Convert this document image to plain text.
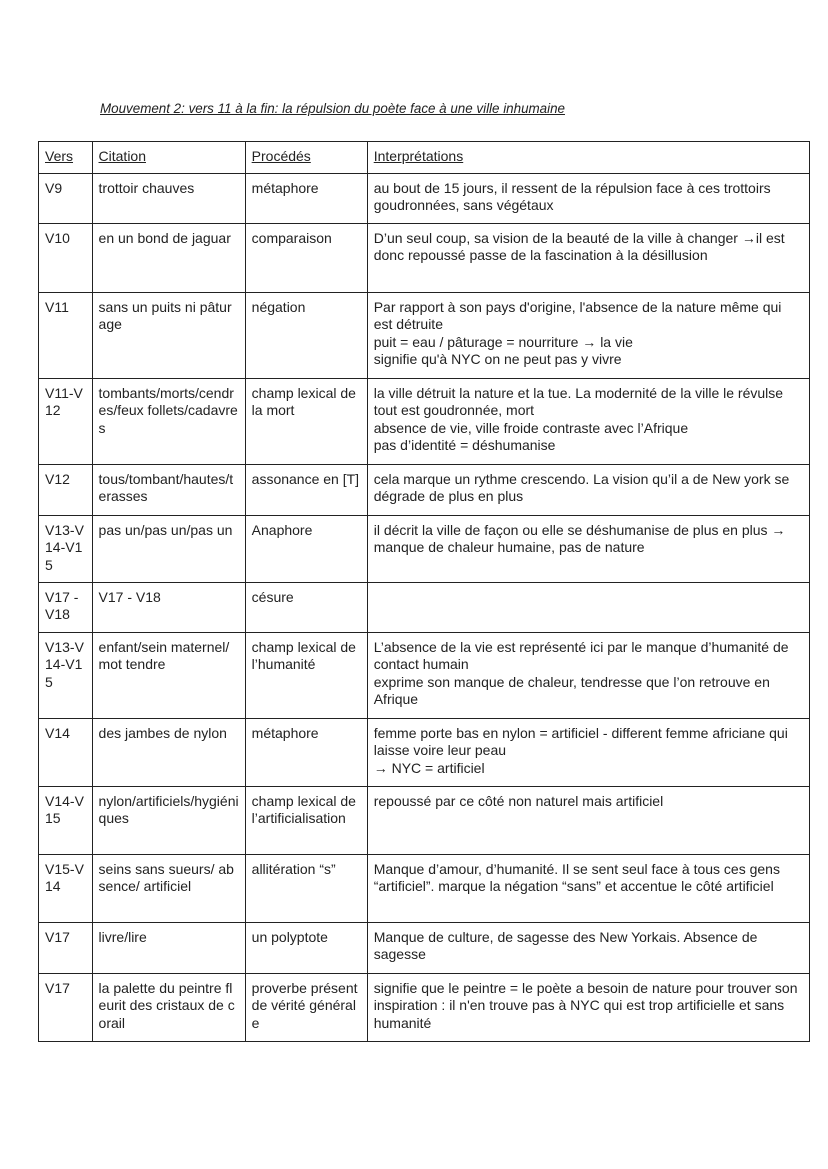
Mouvement 2: vers 11 à la fin: la répulsion du poète face à une ville inhumaine
Vers	Citation	Procédés	Interprétations
V9	trottoir chauves	métaphore	au bout de 15 jours, il ressent de la répulsion face à ces trottoirs goudronnées, sans végétaux

V10	en un bond de jaguar	comparaison	D’un seul coup, sa vision de la beauté de la ville à changer →il est donc repoussé passe de la fascination à la désillusion

V11	sans un puits ni pâturage	négation	Par rapport à son pays d'origine, l'absence de la nature même qui est détruite
puit = eau / pâturage = nourriture → la vie
signifie qu'à NYC on ne peut pas y vivre

V11-V12	tombants/morts/cendres/feux follets/cadavres	champ lexical de la mort	la ville détruit la nature et la tue. La modernité de la ville le révulse tout est goudronnée, mort
absence de vie, ville froide contraste avec l’Afrique
pas d’identité = déshumanise

V12	tous/tombant/hautes/terasses	assonance en [T]	cela marque un rythme crescendo. La vision qu’il a de New york se dégrade de plus en plus

V13-V14-V15	pas un/pas un/pas un	Anaphore	il décrit la ville de façon ou elle se déshumanise de plus en plus → manque de chaleur humaine, pas de nature

V17 - V18	V17 - V18	césure	
V13-V14-V15	enfant/sein maternel/mot tendre	champ lexical de l’humanité	L’absence de la vie est représenté ici par le manque d’humanité de contact humain
exprime son manque de chaleur, tendresse que l’on retrouve en Afrique

V14	des jambes de nylon	métaphore	femme porte bas en nylon = artificiel - different femme africiane qui laisse voire leur peau
→ NYC = artificiel

V14-V15	nylon/artificiels/hygiéniques	champ lexical de l’artificialisation	repoussé par ce côté non naturel mais artificiel

V15-V14	seins sans sueurs/ absence/ artificiel	allitération “s”	Manque d’amour, d’humanité. Il se sent seul face à tous ces gens “artificiel”. marque la négation “sans” et accentue le côté artificiel

V17	livre/lire	un polyptote	Manque de culture, de sagesse des New Yorkais. Absence de sagesse

V17	la palette du peintre fleurit des cristaux de corail	proverbe présent de vérité générale	signifie que le peintre = le poète a besoin de nature pour trouver son inspiration : il n'en trouve pas à NYC qui est trop artificielle et sans humanité
